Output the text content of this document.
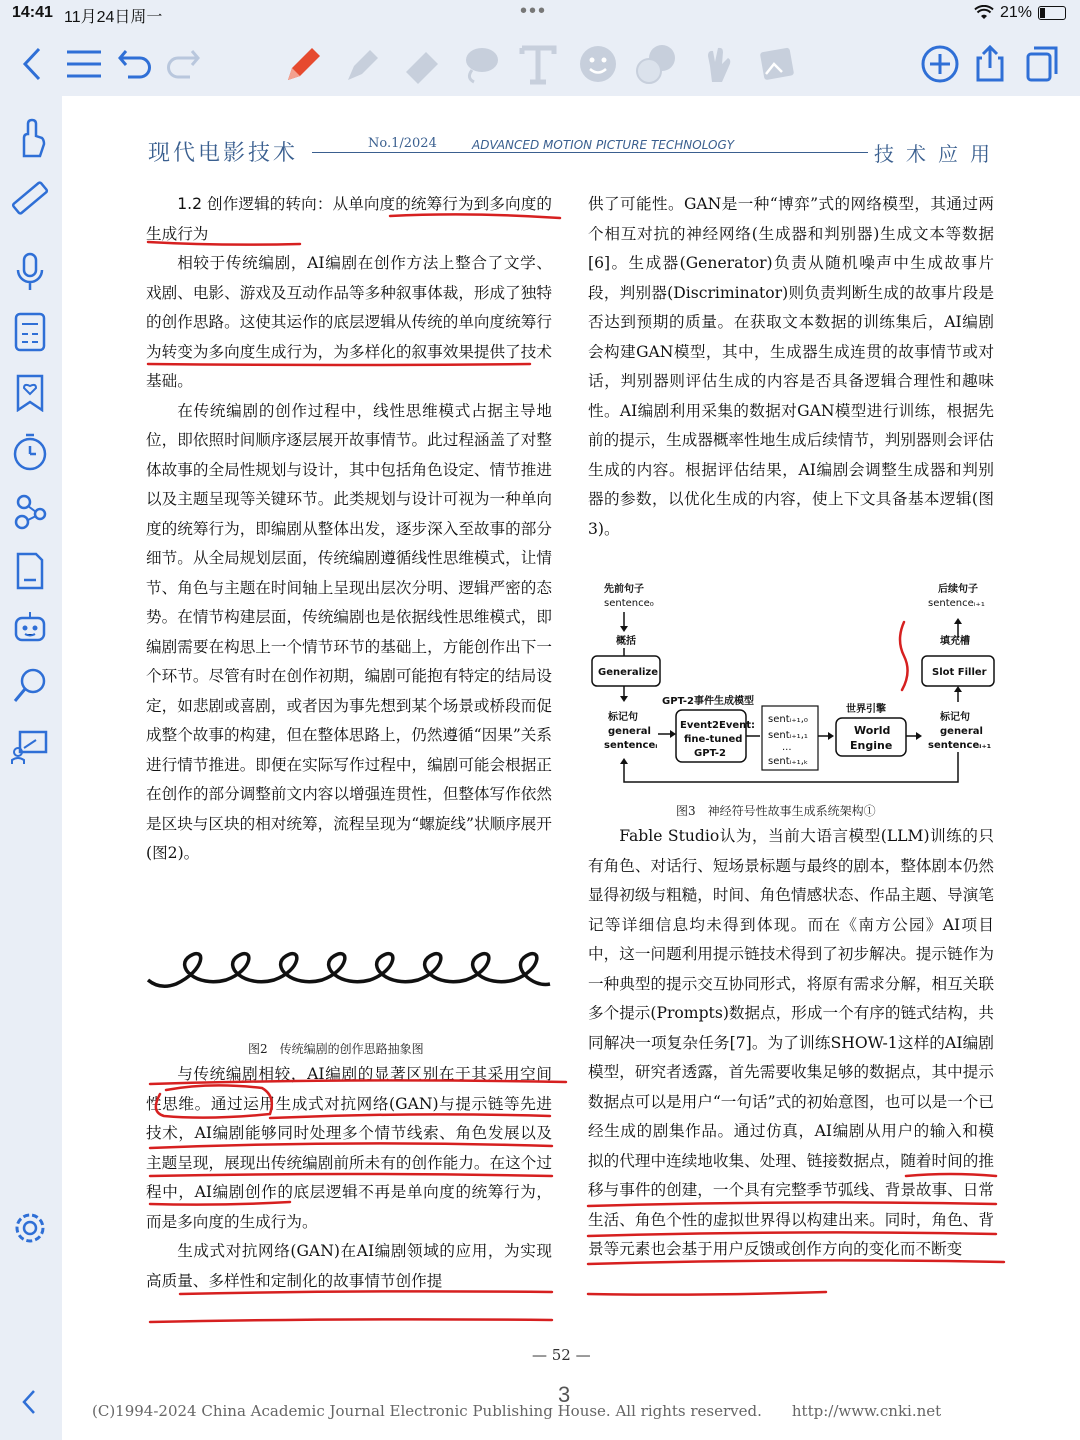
14:41 11月24日周一	•••	21%
现代电影技术	No.1/2024	ADVANCED MOTION PICTURE TECHNOLOGY	技术应用

1.2 创作逻辑的转向：从单向度的统筹行为到多向度的生成行为

相较于传统编剧，AI编剧在创作方法上整合了文学、戏剧、电影、游戏及互动作品等多种叙事体裁，形成了独特的创作思路。这使其运作的底层逻辑从传统的单向度统筹行为转变为多向度生成行为，为多样化的叙事效果提供了技术基础。

在传统编剧的创作过程中，线性思维模式占据主导地位，即依照时间顺序逐层展开故事情节。此过程涵盖了对整体故事的全局性规划与设计，其中包括角色设定、情节推进以及主题呈现等关键环节。此类规划与设计可视为一种单向度的统筹行为，即编剧从整体出发，逐步深入至故事的部分细节。从全局规划层面，传统编剧遵循线性思维模式，让情节、角色与主题在时间轴上呈现出层次分明、逻辑严密的态势。在情节构建层面，传统编剧也是依据线性思维模式，即编剧需要在构思上一个情节环节的基础上，方能创作出下一个环节。尽管有时在创作初期，编剧可能抱有特定的结局设定，如悲剧或喜剧，或者因为事先想到某个场景或桥段而促成整个故事的构建，但在整体思路上，仍然遵循“因果”关系进行情节推进。即便在实际写作过程中，编剧可能会根据正在创作的部分调整前文内容以增强连贯性，但整体写作依然是区块与区块的相对统筹，流程呈现为“螺旋线”状顺序展开(图2)。

图2　传统编剧的创作思路抽象图

与传统编剧相较，AI编剧的显著区别在于其采用空间性思维。通过运用生成式对抗网络(GAN)与提示链等先进技术，AI编剧能够同时处理多个情节线索、角色发展以及主题呈现，展现出传统编剧前所未有的创作能力。在这个过程中，AI编剧创作的底层逻辑不再是单向度的统筹行为，而是多向度的生成行为。

生成式对抗网络(GAN)在AI编剧领域的应用，为实现高质量、多样性和定制化的故事情节创作提

供了可能性。GAN是一种“博弈”式的网络模型，其通过两个相互对抗的神经网络(生成器和判别器)生成文本等数据[6]。生成器(Generator)负责从随机噪声中生成故事片段，判别器(Discriminator)则负责判断生成的故事片段是否达到预期的质量。在获取文本数据的训练集后，AI编剧会构建GAN模型，其中，生成器生成连贯的故事情节或对话，判别器则评估生成的内容是否具备逻辑合理性和趣味性。AI编剧利用采集的数据对GAN模型进行训练，根据先前的提示，生成器概率性地生成后续情节，判别器则会评估生成的内容。根据评估结果，AI编剧会调整生成器和判别器的参数，以优化生成的内容，使上下文具备基本逻辑(图3)。

先前句子
sentence₀
概括
Generalize
标记句
general
sentenceᵢ
GPT-2事件生成模型
Event2Event:
fine-tuned
GPT-2
sentᵢ₊₁,₀
sentᵢ₊₁,₁
...
sentᵢ₊₁,ₖ
世界引擎
World
Engine
标记句
general
sentenceᵢ₊₁
Slot Filler
填充槽
后续句子
sentenceᵢ₊₁
图3　神经符号性故事生成系统架构①

Fable Studio认为，当前大语言模型(LLM)训练的只有角色、对话行、短场景标题与最终的剧本，整体剧本仍然显得初级与粗糙，时间、角色情感状态、作品主题、导演笔记等详细信息均未得到体现。而在《南方公园》AI项目中，这一问题利用提示链技术得到了初步解决。提示链作为一种典型的提示交互协同形式，将原有需求分解，相互关联多个提示(Prompts)数据点，形成一个有序的链式结构，共同解决一项复杂任务[7]。为了训练SHOW-1这样的AI编剧模型，研究者透露，首先需要收集足够的数据点，其中提示数据点可以是用户“一句话”式的初始意图，也可以是一个已经生成的剧集作品。通过仿真，AI编剧从用户的输入和模拟的代理中连续地收集、处理、链接数据点，随着时间的推移与事件的创建，一个具有完整季节弧线、背景故事、日常生活、角色个性的虚拟世界得以构建出来。同时，角色、背景等元素也会基于用户反馈或创作方向的变化而不断变

— 52 —
3
(C)1994-2024 China Academic Journal Electronic Publishing House. All rights reserved.　　http://www.cnki.net
